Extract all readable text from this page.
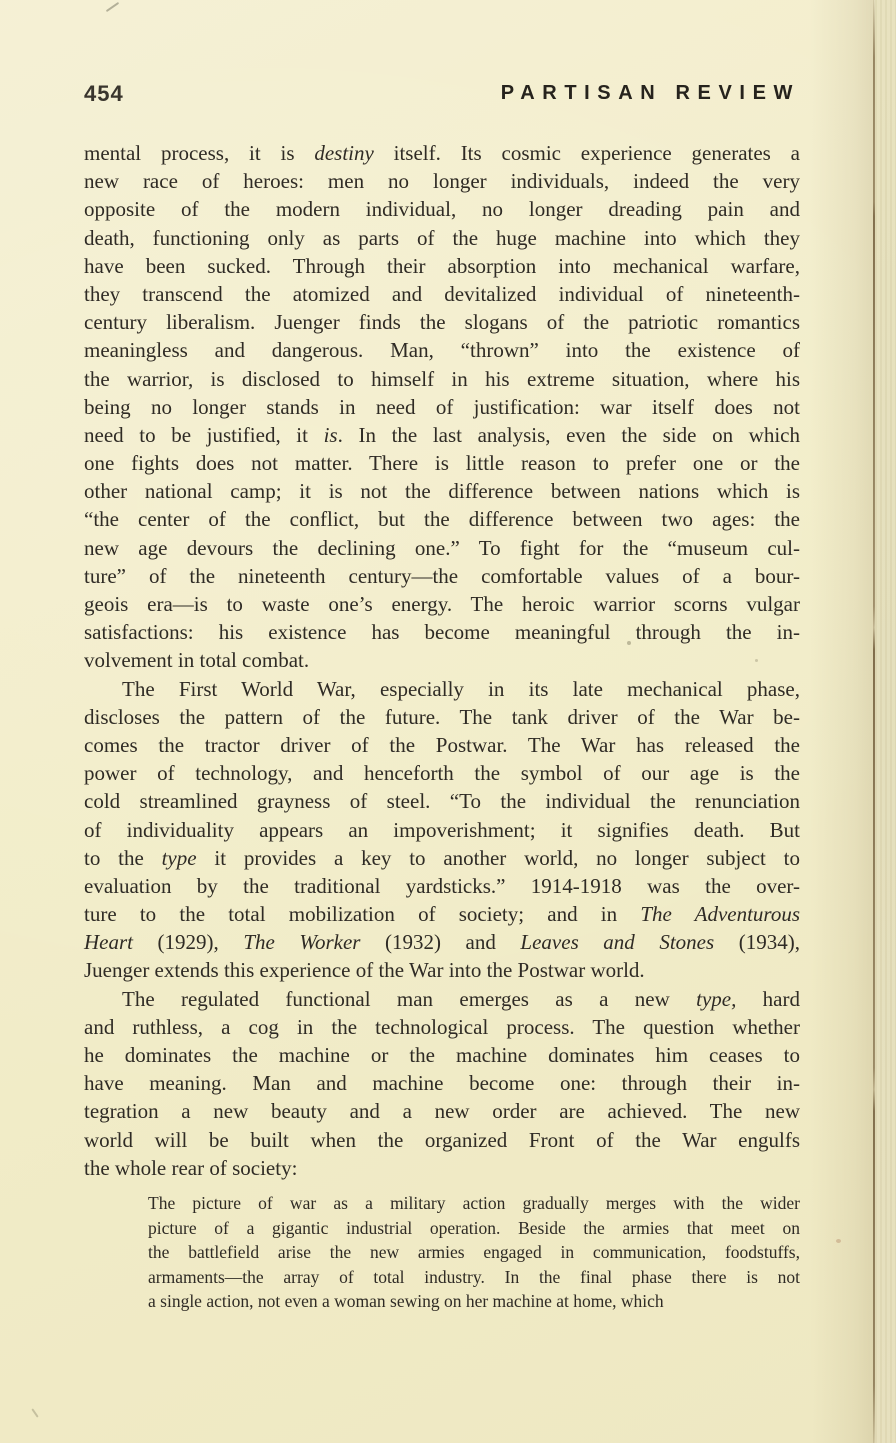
454	PARTISAN REVIEW
mental process, it is destiny itself. Its cosmic experience generates a
new race of heroes: men no longer individuals, indeed the very
opposite of the modern individual, no longer dreading pain and
death, functioning only as parts of the huge machine into which they
have been sucked. Through their absorption into mechanical warfare,
they transcend the atomized and devitalized individual of nineteenth-
century liberalism. Juenger finds the slogans of the patriotic romantics
meaningless and dangerous. Man, “thrown” into the existence of
the warrior, is disclosed to himself in his extreme situation, where his
being no longer stands in need of justification: war itself does not
need to be justified, it is. In the last analysis, even the side on which
one fights does not matter. There is little reason to prefer one or the
other national camp; it is not the difference between nations which is
“the center of the conflict, but the difference between two ages: the
new age devours the declining one.” To fight for the “museum cul-
ture” of the nineteenth century—the comfortable values of a bour-
geois era—is to waste one’s energy. The heroic warrior scorns vulgar
satisfactions: his existence has become meaningful through the in-
volvement in total combat.
The First World War, especially in its late mechanical phase,
discloses the pattern of the future. The tank driver of the War be-
comes the tractor driver of the Postwar. The War has released the
power of technology, and henceforth the symbol of our age is the
cold streamlined grayness of steel. “To the individual the renunciation
of individuality appears an impoverishment; it signifies death. But
to the type it provides a key to another world, no longer subject to
evaluation by the traditional yardsticks.” 1914-1918 was the over-
ture to the total mobilization of society; and in The Adventurous
Heart (1929), The Worker (1932) and Leaves and Stones (1934),
Juenger extends this experience of the War into the Postwar world.
The regulated functional man emerges as a new type, hard
and ruthless, a cog in the technological process. The question whether
he dominates the machine or the machine dominates him ceases to
have meaning. Man and machine become one: through their in-
tegration a new beauty and a new order are achieved. The new
world will be built when the organized Front of the War engulfs
the whole rear of society:
The picture of war as a military action gradually merges with the wider
picture of a gigantic industrial operation. Beside the armies that meet on
the battlefield arise the new armies engaged in communication, foodstuffs,
armaments—the array of total industry. In the final phase there is not
a single action, not even a woman sewing on her machine at home, which
